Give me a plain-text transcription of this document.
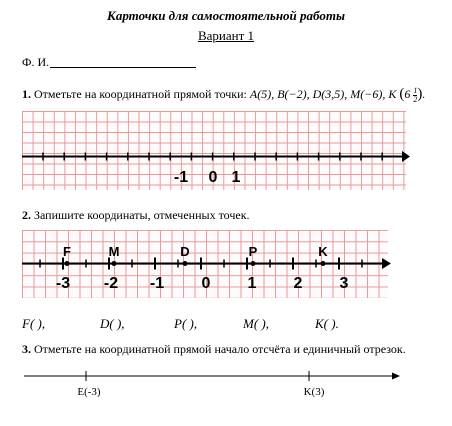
Карточки для самостоятельной работы
Вариант 1
Ф. И.
1. Отметьте на координатной прямой точки: A(5), B(−2), D(3,5), M(−6), K ($6 \frac{1}{2}$ ).
-1 0 1
2. Запишите координаты, отмеченных точек.
-3 -2 -1 0 1 2 3
F	M	D	P	K
F( ),	D( ),	P( ),	M( ),	K( ).
3. Отметьте на координатной прямой начало отсчёта и единичный отрезок.
E(-3)	K(3)
